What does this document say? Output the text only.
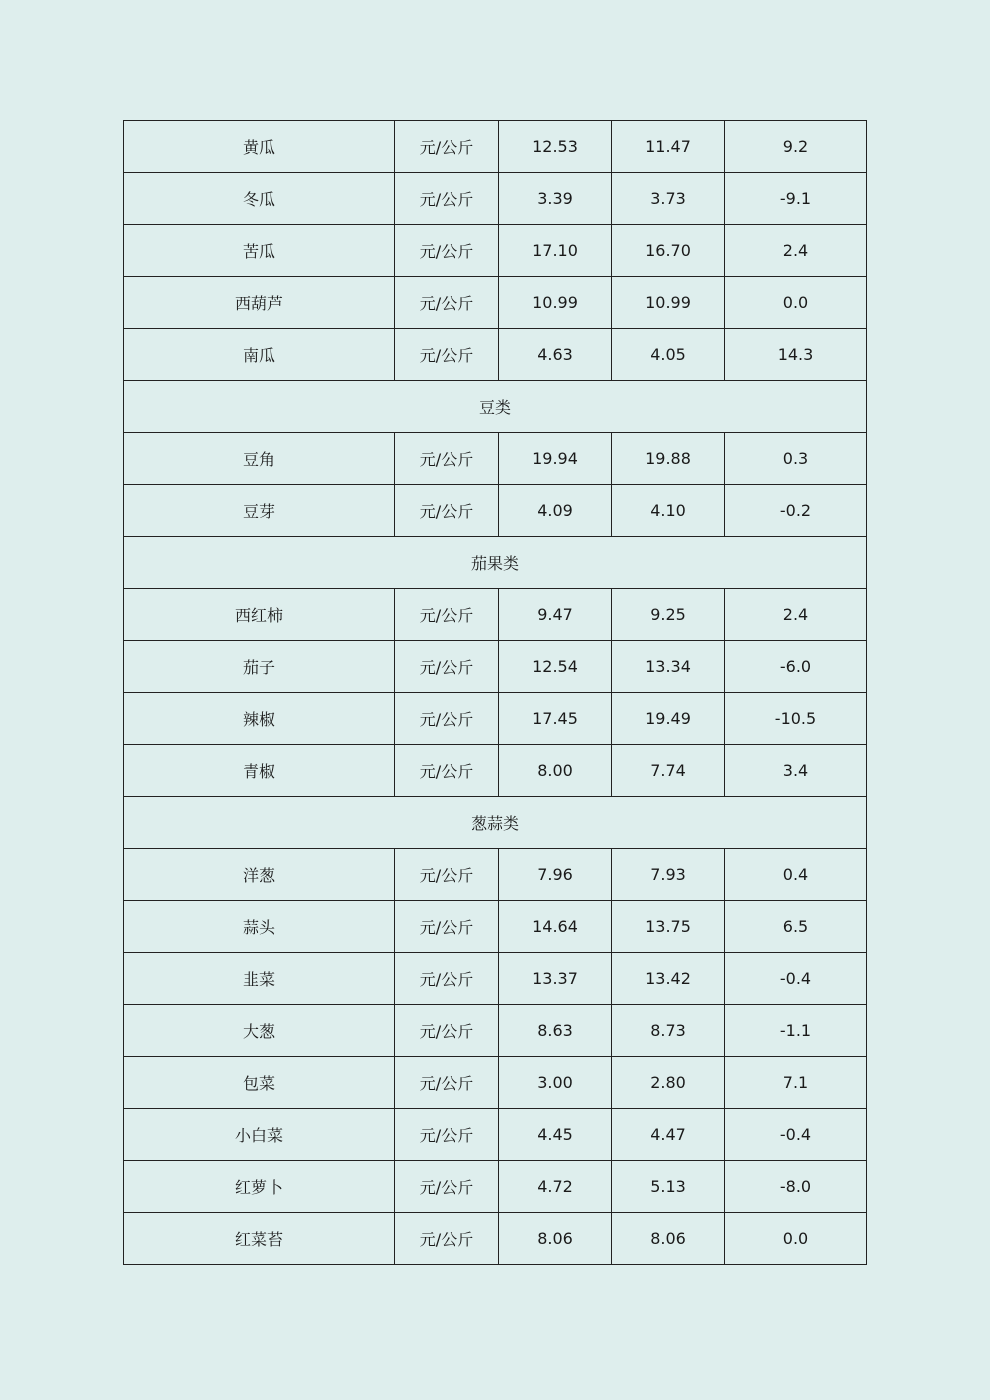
黄瓜	元/公斤	12.53	11.47	9.2
冬瓜	元/公斤	3.39	3.73	-9.1
苦瓜	元/公斤	17.10	16.70	2.4
西葫芦	元/公斤	10.99	10.99	0.0
南瓜	元/公斤	4.63	4.05	14.3
豆类				
豆角	元/公斤	19.94	19.88	0.3
豆芽	元/公斤	4.09	4.10	-0.2
茄果类				
西红柿	元/公斤	9.47	9.25	2.4
茄子	元/公斤	12.54	13.34	-6.0
辣椒	元/公斤	17.45	19.49	-10.5
青椒	元/公斤	8.00	7.74	3.4
葱蒜类				
洋葱	元/公斤	7.96	7.93	0.4
蒜头	元/公斤	14.64	13.75	6.5
韭菜	元/公斤	13.37	13.42	-0.4
大葱	元/公斤	8.63	8.73	-1.1
包菜	元/公斤	3.00	2.80	7.1
小白菜	元/公斤	4.45	4.47	-0.4
红萝卜	元/公斤	4.72	5.13	-8.0
红菜苔	元/公斤	8.06	8.06	0.0
